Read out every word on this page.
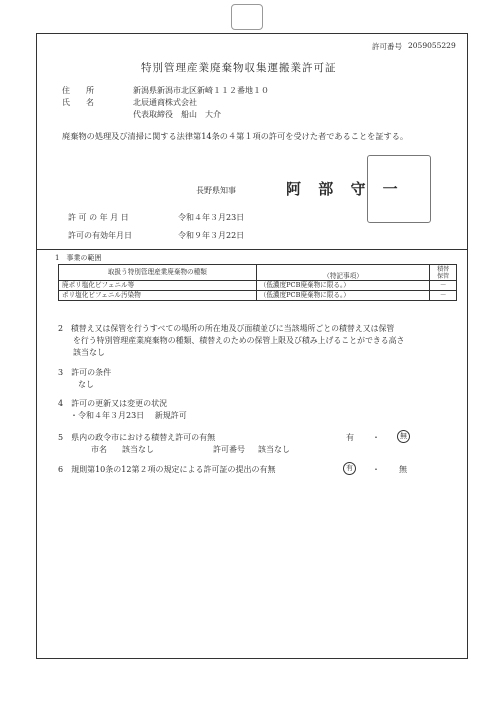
許可番号 2059055229
特別管理産業廃棄物収集運搬業許可証
住　　所	新潟県新潟市北区新崎１１２番地１０
氏　　名	北辰通商株式会社
代表取締役　船山　大介
廃棄物の処理及び清掃に関する法律第14条の４第１項の許可を受けた者であることを証する。
長野県知事	阿 部 守 一
許 可 の 年 月 日	令和４年３月23日
許可の有効年月日	令和９年３月22日
1　事業の範囲
取扱う特別管理産業廃棄物の種類	（特記事項）	積替
保管
廃ポリ塩化ビフェニル等	（低濃度PCB廃棄物に限る。）	－
ポリ塩化ビフェニル汚染物	（低濃度PCB廃棄物に限る。）	－
2　積替え又は保管を行うすべての場所の所在地及び面積並びに当該場所ごとの積替え又は保管
を行う特別管理産業廃棄物の種類、積替えのための保管上限及び積み上げることができる高さ
該当なし
3　許可の条件
なし
4　許可の更新又は変更の状況
・令和４年３月23日　 新規許可
5　県内の政令市における積替え許可の有無	有 ・	無
市名 該当なし	許可番号 該当なし
6　規則第10条の12第２項の規定による許可証の提出の有無	有	・ 無
